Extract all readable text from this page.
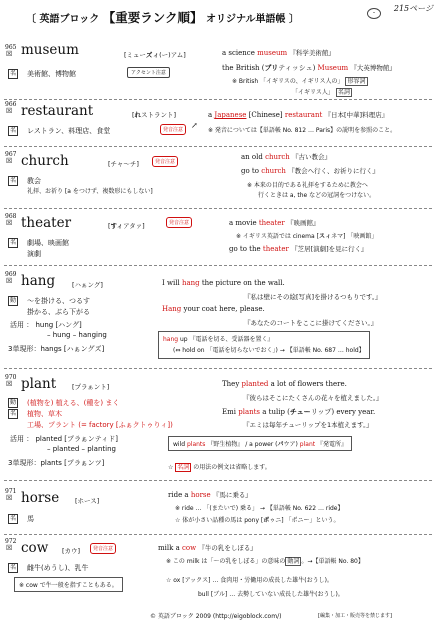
215ページ
〔 英語ブロック 【重要ランク順】 オリジナル単語帳 〕
ᵕ
965
☒ museum	[ミューズィ(ー)アム]
名 美術館、博物館	アクセント注意
a science museum 『科学美術館』
the British (ブリティッシュ) Museum 『大英博物館』
※ British 「イギリスの、イギリス人の」 形容詞
「イギリス人」 名詞
966
☒ restaurant	[れストラント]
名 レストラン、料理店、食堂	発音注意 ↗
a Japanese [Chinese] restaurant 『日本[中華]料理店』
※ 発音については【単語帳 No. 812 … Paris】の説明を参照のこと。
967
☒ church	[チャ〜チ]	発音注意
名 教会
礼拝、お祈り [a をつけず、複数形にもしない]
an old church 『古い教会』
go to church 『教会へ行く、お祈りに行く』
※ 本来の目的である礼拝をするために教会へ
行くときは a, the などの冠詞をつけない。
968
☒ theater	[すィアタァ]	発音注意
名 劇場、映画館
演劇
a movie theater 『映画館』
※ イギリス英語では cinema [スィネマ] 「映画館」
go to the theater 『芝居[演劇]を見に行く』
969
☒ hang	[ハぁング]
動 〜を掛ける、つるす
掛かる、ぶら下がる
活用 ： hung [ハング]
– hung – hanging
3単現形：hangs [ハぁングズ]
I will hang the picture on the wall.
『私は壁にその絵[写真]を掛けるつもりです。』
Hang your coat here, please.
『あなたのコートをここに掛けてください。』
hang up 『電話を切る、受話器を置く』
(⇔ hold on 「電話を切らないでおく」) → 【単語帳 No. 687 … hold】
970
☒ plant [プラぁント]
動
名
(植物を) 植える、(種を) まく
植物、草木
工場、プラント (= factory [ふぁクトゥりィ])
活用 ： planted [プラぁンティド]
– planted – planting
3単現形：plants [プラぁンツ]
They planted a lot of flowers there.
『彼らはそこにたくさんの花々を植えました。』
Emi plants a tulip (チューリップ) every year.
『エミは毎年チューリップを1本植えます。』
wild plants 『野生植物』 / a power (パウア) plant 『発電所』
☆ 名詞 の用法の例文は省略します。
971
☒ horse [ホース]
名 馬
ride a horse 『馬に乗る』
※ ride … 「(またいで) 乗る」 → 【単語帳 No. 622 … ride】
☆ 体が小さい品種の馬は pony [ポゥニ] 「ポニー」という。
972
☒ cow [カウ]	発音注意
名 雌牛(めうし)、乳牛
※ cow で牛一般を指すこともある。
milk a cow 『牛の乳をしぼる』
※ この milk は「〜の乳をしぼる」の意味の 動詞 。→【単語帳 No. 80】
☆ ox [アックス] … 食肉用・労働用の成長した雄牛(おうし)。
bull [ブル] … 去勢していない成長した雄牛(おうし)。
© 英語ブロック 2009 (http://eigoblock.com/)	[編集・加工・販売等を禁じます]
